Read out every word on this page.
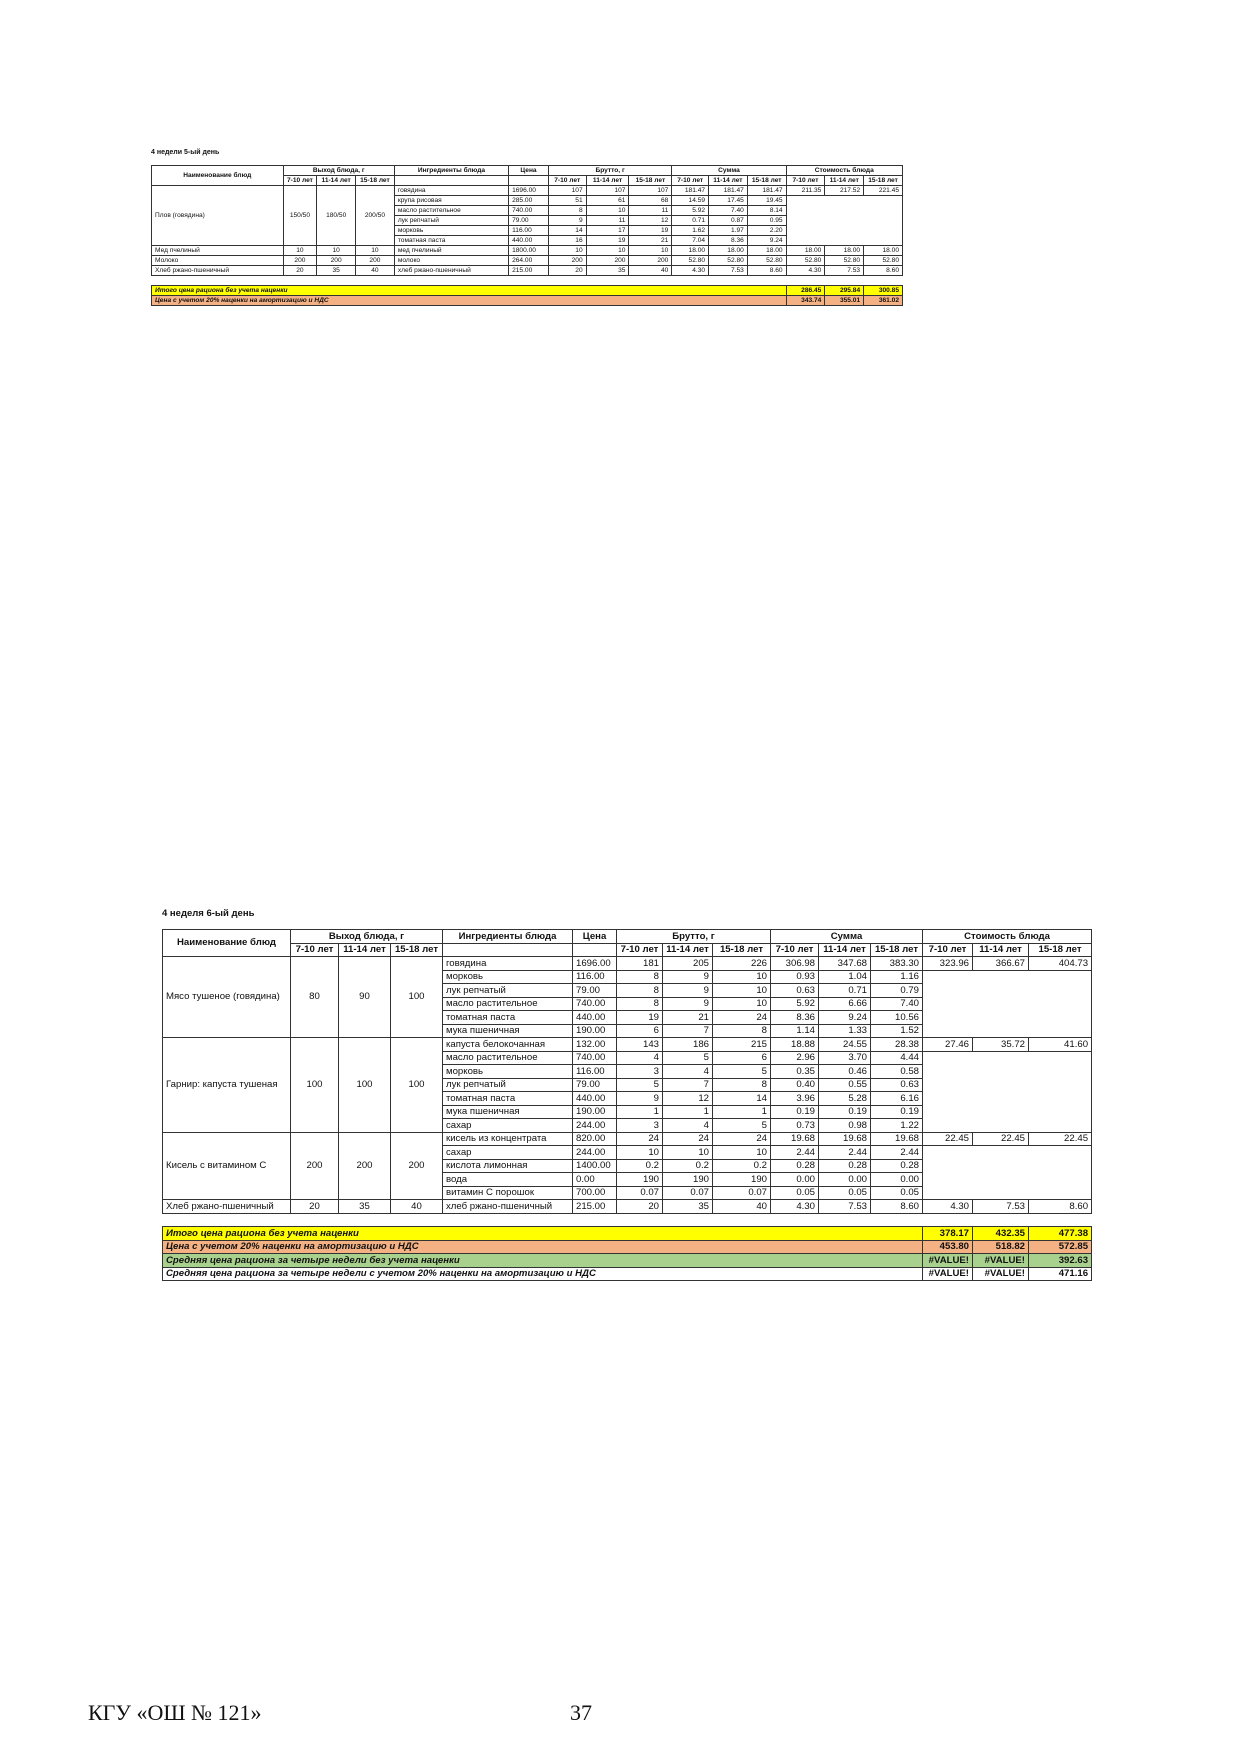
4 недели 5-ый день

Наименование блюд	Выход блюда, г			Ингредиенты блюда	Цена	Брутто, г			Сумма			Стоимость блюда		
	7-10 лет	11-14 лет	15-18 лет			7-10 лет	11-14 лет	15-18 лет	7-10 лет	11-14 лет	15-18 лет	7-10 лет	11-14 лет	15-18 лет
Плов (говядина)	150/50	180/50	200/50	говядина	1696.00	107	107	107	181.47	181.47	181.47	211.35	217.52	221.45
				крупа рисовая	285.00	51	61	68	14.59	17.45	19.45			
				масло растительное	740.00	8	10	11	5.92	7.40	8.14			
				лук репчатый	79.00	9	11	12	0.71	0.87	0.95			
				морковь	116.00	14	17	19	1.62	1.97	2.20			
				томатная паста	440.00	16	19	21	7.04	8.36	9.24			
Мед пчелиный	10	10	10	мед пчелиный	1800.00	10	10	10	18.00	18.00	18.00	18.00	18.00	18.00
Молоко	200	200	200	молоко	264.00	200	200	200	52.80	52.80	52.80	52.80	52.80	52.80
Хлеб ржано-пшеничный	20	35	40	хлеб ржано-пшеничный	215.00	20	35	40	4.30	7.53	8.60	4.30	7.53	8.60

Итого цена рациона без учета наценки												286.45	295.84	300.85
Цена с учетом 20% наценки на амортизацию и НДС												343.74	355.01	361.02

4 неделя 6-ый день

Наименование блюд	Выход блюда, г			Ингредиенты блюда	Цена	Брутто, г			Сумма			Стоимость блюда		
	7-10 лет	11-14 лет	15-18 лет			7-10 лет	11-14 лет	15-18 лет	7-10 лет	11-14 лет	15-18 лет	7-10 лет	11-14 лет	15-18 лет
Мясо тушеное (говядина)	80	90	100	говядина	1696.00	181	205	226	306.98	347.68	383.30	323.96	366.67	404.73
				морковь	116.00	8	9	10	0.93	1.04	1.16			
				лук репчатый	79.00	8	9	10	0.63	0.71	0.79			
				масло растительное	740.00	8	9	10	5.92	6.66	7.40			
				томатная паста	440.00	19	21	24	8.36	9.24	10.56			
				мука пшеничная	190.00	6	7	8	1.14	1.33	1.52			
Гарнир: капуста тушеная	100	100	100	капуста белокочанная	132.00	143	186	215	18.88	24.55	28.38	27.46	35.72	41.60
				масло растительное	740.00	4	5	6	2.96	3.70	4.44			
				морковь	116.00	3	4	5	0.35	0.46	0.58			
				лук репчатый	79.00	5	7	8	0.40	0.55	0.63			
				томатная паста	440.00	9	12	14	3.96	5.28	6.16			
				мука пшеничная	190.00	1	1	1	0.19	0.19	0.19			
				сахар	244.00	3	4	5	0.73	0.98	1.22			
Кисель с витамином С	200	200	200	кисель из концентрата	820.00	24	24	24	19.68	19.68	19.68	22.45	22.45	22.45
				сахар	244.00	10	10	10	2.44	2.44	2.44			
				кислота лимонная	1400.00	0.2	0.2	0.2	0.28	0.28	0.28			
				вода	0.00	190	190	190	0.00	0.00	0.00			
				витамин С порошок	700.00	0.07	0.07	0.07	0.05	0.05	0.05			
Хлеб ржано-пшеничный	20	35	40	хлеб ржано-пшеничный	215.00	20	35	40	4.30	7.53	8.60	4.30	7.53	8.60

Итого цена рациона без учета наценки												378.17	432.35	477.38
Цена с учетом 20% наценки на амортизацию и НДС												453.80	518.82	572.85
Средняя цена рациона за четыре недели без учета наценки												#VALUE!	#VALUE!	392.63
Средняя цена рациона за четыре недели с учетом 20% наценки на амортизацию и НДС												#VALUE!	#VALUE!	471.16
КГУ «ОШ № 121»	37
